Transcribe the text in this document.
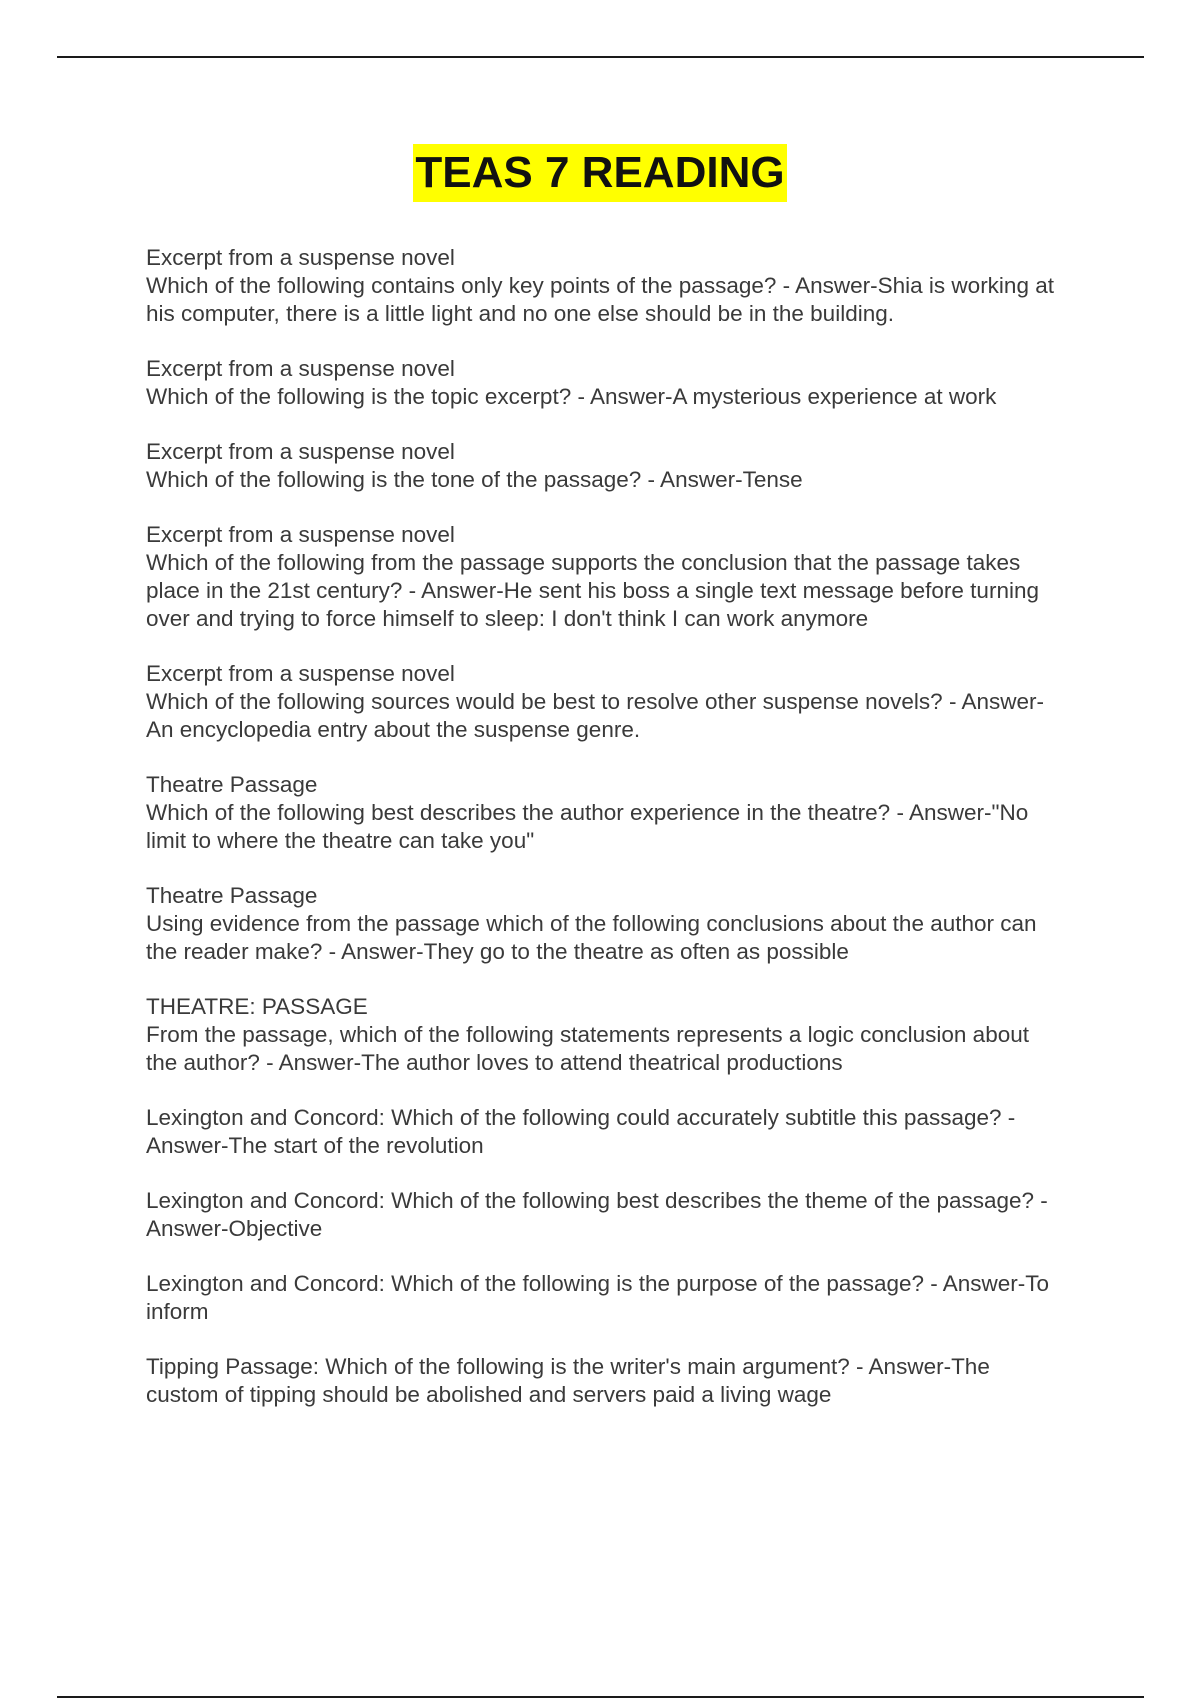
TEAS 7 READING
Excerpt from a suspense novel
Which of the following contains only key points of the passage? - Answer-Shia is working at his computer, there is a little light and no one else should be in the building.
Excerpt from a suspense novel
Which of the following is the topic excerpt? - Answer-A mysterious experience at work
Excerpt from a suspense novel
Which of the following is the tone of the passage? - Answer-Tense
Excerpt from a suspense novel
Which of the following from the passage supports the conclusion that the passage takes place in the 21st century? - Answer-He sent his boss a single text message before turning over and trying to force himself to sleep: I don't think I can work anymore
Excerpt from a suspense novel
Which of the following sources would be best to resolve other suspense novels? - Answer-An encyclopedia entry about the suspense genre.
Theatre Passage
Which of the following best describes the author experience in the theatre? - Answer-"No limit to where the theatre can take you"
Theatre Passage
Using evidence from the passage which of the following conclusions about the author can the reader make? - Answer-They go to the theatre as often as possible
THEATRE: PASSAGE
From the passage, which of the following statements represents a logic conclusion about the author? - Answer-The author loves to attend theatrical productions
Lexington and Concord: Which of the following could accurately subtitle this passage? - Answer-The start of the revolution
Lexington and Concord: Which of the following best describes the theme of the passage? - Answer-Objective
Lexington and Concord: Which of the following is the purpose of the passage? - Answer-To inform
Tipping Passage: Which of the following is the writer's main argument? - Answer-The custom of tipping should be abolished and servers paid a living wage
